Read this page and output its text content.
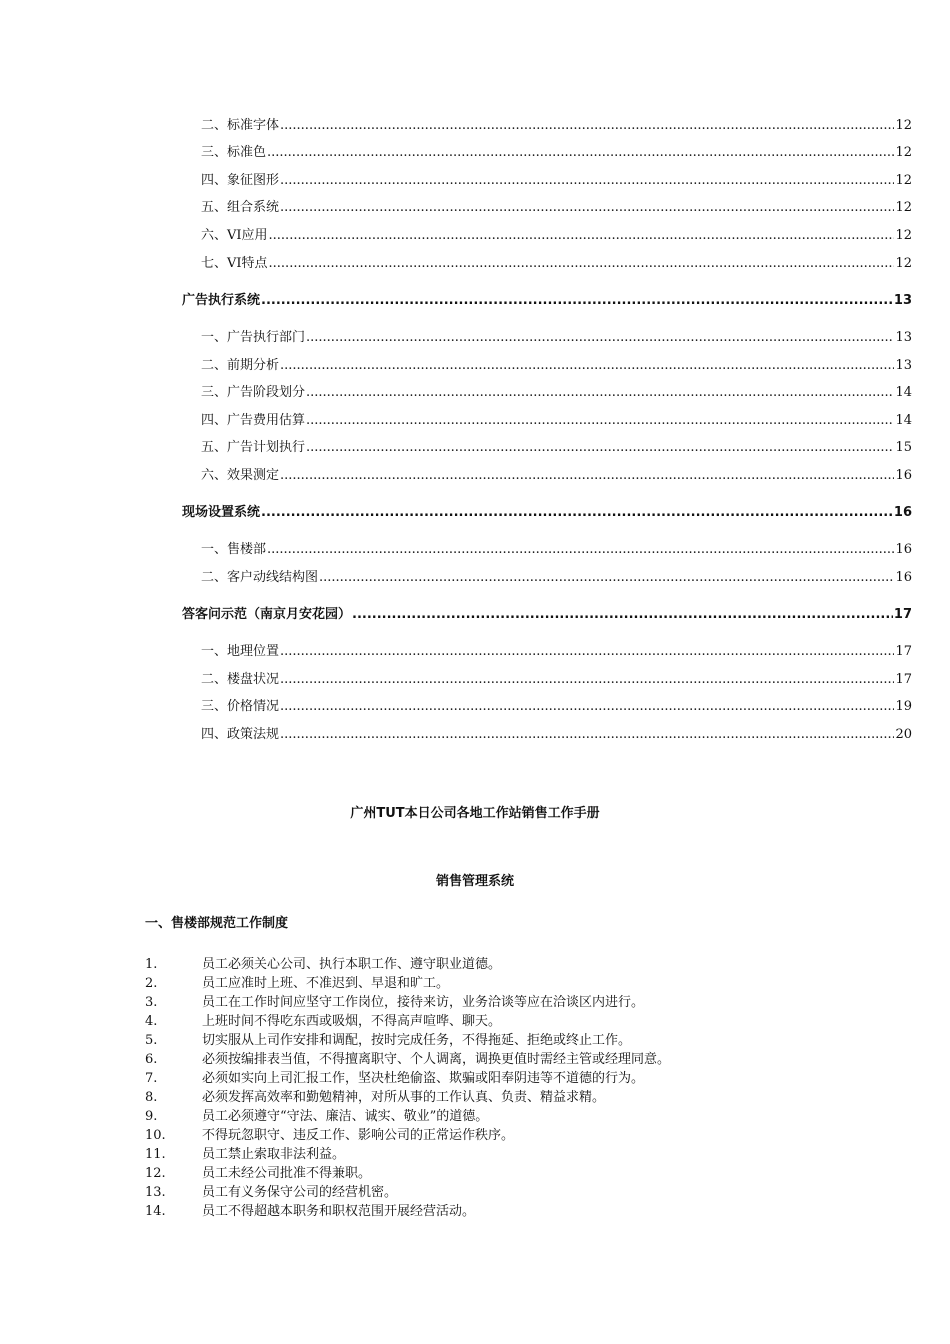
二、标准字体 .....	12
三、标准色 .....	12
四、象征图形 .....	12
五、组合系统 .....	12
六、VI应用 .....	12
七、VI特点 .....	12
广告执行系统 .....	13
一、广告执行部门 .....	13
二、前期分析 .....	13
三、广告阶段划分 .....	14
四、广告费用估算 .....	14
五、广告计划执行 .....	15
六、效果测定 .....	16
现场设置系统 .....	16
一、售楼部 .....	16
二、客户动线结构图 .....	16
答客问示范（南京月安花园） .....	17
一、地理位置 .....	17
二、楼盘状况 .....	17
三、价格情况 .....	19
四、政策法规 .....	20
广州TUT本日公司各地工作站销售工作手册
销售管理系统
一、售楼部规范工作制度
1.	员工必须关心公司、执行本职工作、遵守职业道德。
2.	员工应准时上班、不准迟到、早退和旷工。
3.	员工在工作时间应坚守工作岗位，接待来访，业务洽谈等应在洽谈区内进行。
4.	上班时间不得吃东西或吸烟，不得高声喧哗、聊天。
5.	切实服从上司作安排和调配，按时完成任务，不得拖延、拒绝或终止工作。
6.	必须按编排表当值，不得擅离职守、个人调离，调换更值时需经主管或经理同意。
7.	必须如实向上司汇报工作，坚决杜绝偷盗、欺骗或阳奉阴违等不道德的行为。
8.	必须发挥高效率和勤勉精神，对所从事的工作认真、负责、精益求精。
9.	员工必须遵守“守法、廉洁、诚实、敬业”的道德。
10.	不得玩忽职守、违反工作、影响公司的正常运作秩序。
11.	员工禁止索取非法利益。
12.	员工未经公司批准不得兼职。
13.	员工有义务保守公司的经营机密。
14.	员工不得超越本职务和职权范围开展经营活动。
